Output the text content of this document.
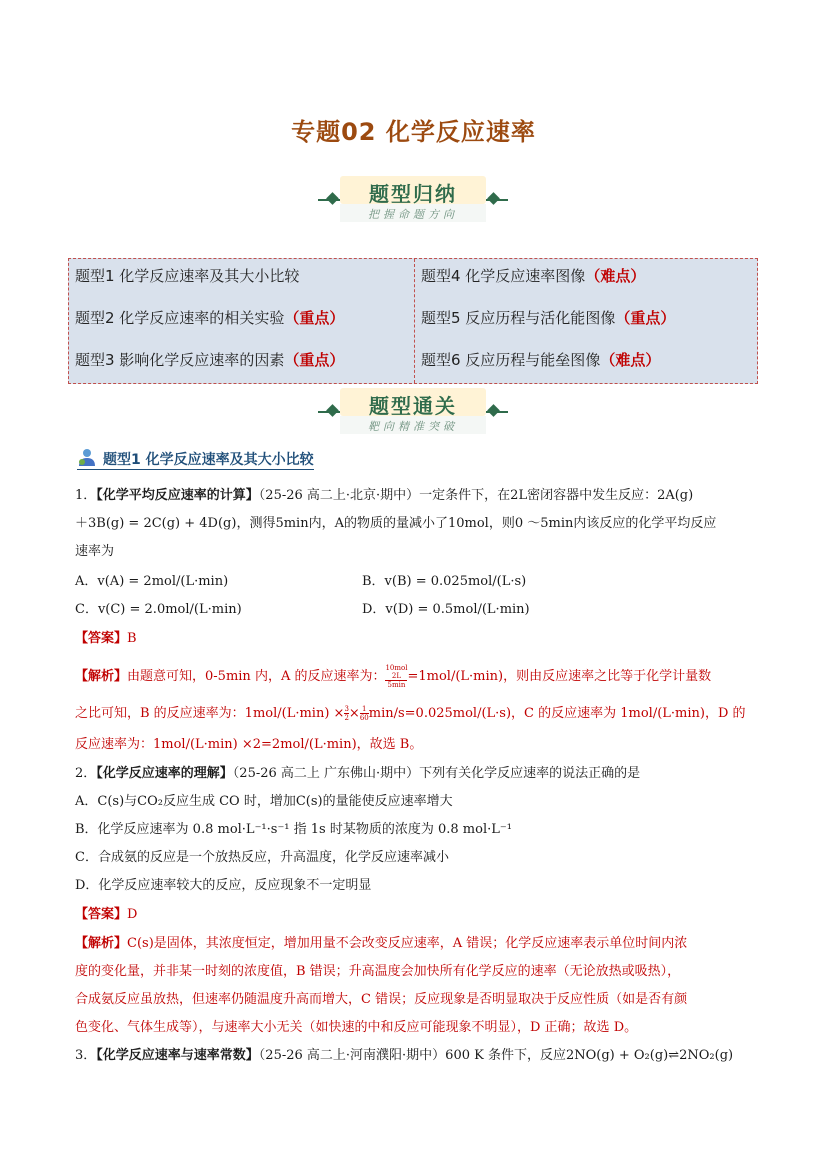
专题02 化学反应速率
题型归纳
把握命题方向
题型1 化学反应速率及其大小比较
题型2 化学反应速率的相关实验（重点）
题型3 影响化学反应速率的因素（重点）
题型4 化学反应速率图像（难点）
题型5 反应历程与活化能图像（重点）
题型6 反应历程与能垒图像（难点）
题型通关
靶向精准突破
题型1 化学反应速率及其大小比较
1．【化学平均反应速率的计算】（25-26 高二上·北京·期中）一定条件下，在2L密闭容器中发生反应：2A(g)
＋3B(g) = 2C(g) + 4D(g)，测得5min内，A的物质的量减小了10mol，则0 ～5min内该反应的化学平均反应
速率为
A．v(A) = 2mol/(L·min)	B．v(B) = 0.025mol/(L·s)
C．v(C) = 2.0mol/(L·min)	D．v(D) = 0.5mol/(L·min)
【答案】B
【解析】由题意可知，0-5min 内，A 的反应速率为： 10mol
2L
5min =1mol/(L·min)，则由反应速率之比等于化学计量数
之比可知，B 的反应速率为：$1mol/(L\cdot\min) \times \frac{3}{2} \times \frac{1}{60} \min/s=0.025mol/(L\cdot s)$，C 的反应速率为 1mol/(L·min)，D 的
反应速率为：1mol/(L·min) ×2=2mol/(L·min)，故选 B。
2．【化学反应速率的理解】（25-26 高二上 广东佛山·期中）下列有关化学反应速率的说法正确的是
A．C(s)与CO₂反应生成 CO 时，增加C(s)的量能使反应速率增大
B．化学反应速率为 0.8 mol·L⁻¹·s⁻¹ 指 1s 时某物质的浓度为 0.8 mol·L⁻¹
C．合成氨的反应是一个放热反应，升高温度，化学反应速率减小
D．化学反应速率较大的反应，反应现象不一定明显
【答案】D
【解析】C(s)是固体，其浓度恒定，增加用量不会改变反应速率，A 错误；化学反应速率表示单位时间内浓
度的变化量，并非某一时刻的浓度值，B 错误；升高温度会加快所有化学反应的速率（无论放热或吸热），
合成氨反应虽放热，但速率仍随温度升高而增大，C 错误；反应现象是否明显取决于反应性质（如是否有颜
色变化、气体生成等），与速率大小无关（如快速的中和反应可能现象不明显），D 正确；故选 D。
3．【化学反应速率与速率常数】（25-26 高二上·河南濮阳·期中）600 K 条件下，反应2NO(g) + O₂(g)⇌2NO₂(g)
